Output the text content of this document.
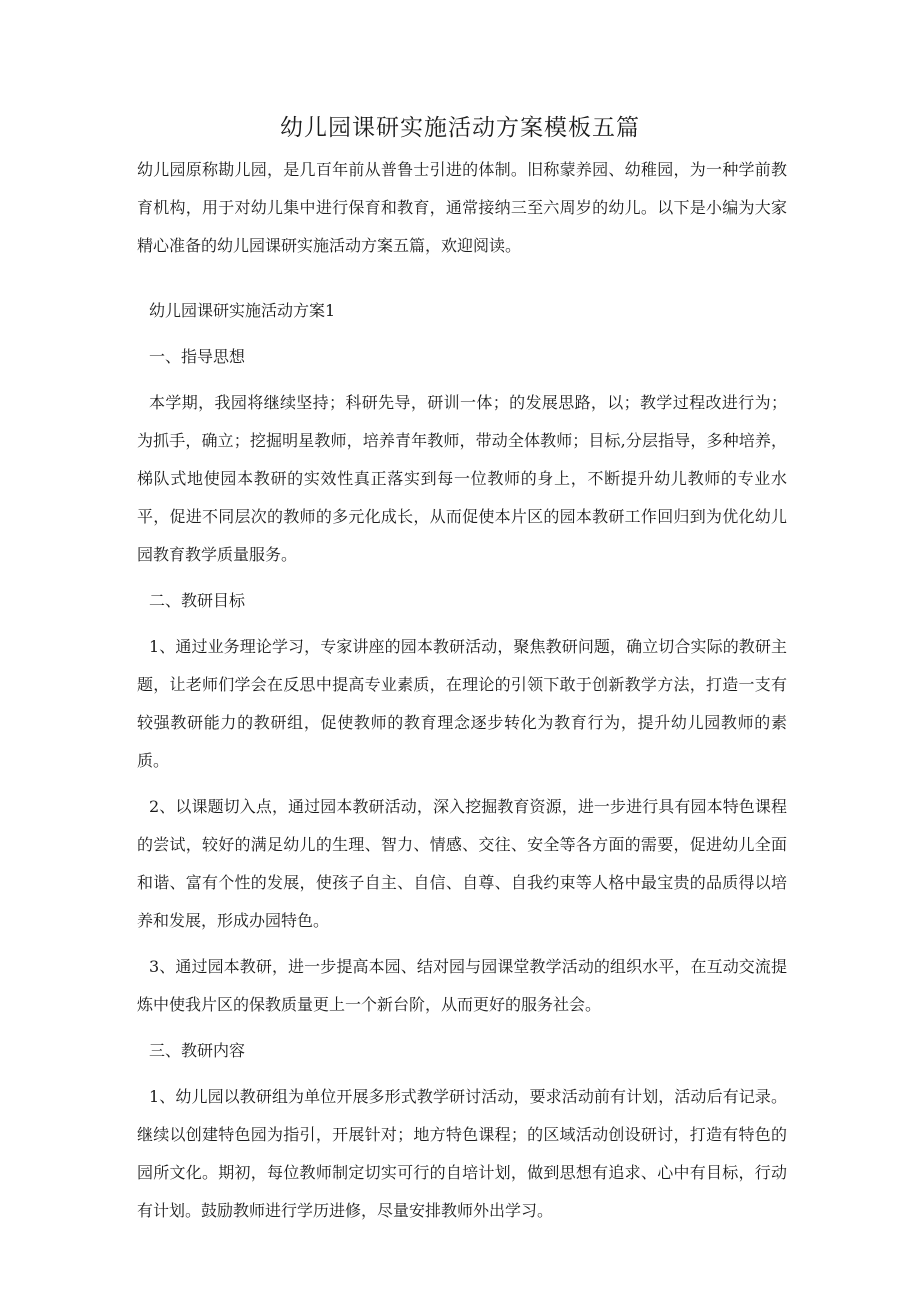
幼儿园课研实施活动方案模板五篇

幼儿园原称勘儿园，是几百年前从普鲁士引进的体制。旧称蒙养园、幼稚园，为一种学前教育机构，用于对幼儿集中进行保育和教育，通常接纳三至六周岁的幼儿。以下是小编为大家精心准备的幼儿园课研实施活动方案五篇，欢迎阅读。

幼儿园课研实施活动方案1

一、指导思想

本学期，我园将继续坚持；科研先导，研训一体；的发展思路，以；教学过程改进行为；为抓手，确立；挖掘明星教师，培养青年教师，带动全体教师；目标,分层指导，多种培养，梯队式地使园本教研的实效性真正落实到每一位教师的身上，不断提升幼儿教师的专业水平，促进不同层次的教师的多元化成长，从而促使本片区的园本教研工作回归到为优化幼儿园教育教学质量服务。

二、教研目标

1、通过业务理论学习，专家讲座的园本教研活动，聚焦教研问题，确立切合实际的教研主题，让老师们学会在反思中提高专业素质，在理论的引领下敢于创新教学方法，打造一支有较强教研能力的教研组，促使教师的教育理念逐步转化为教育行为，提升幼儿园教师的素质。

2、以课题切入点，通过园本教研活动，深入挖掘教育资源，进一步进行具有园本特色课程的尝试，较好的满足幼儿的生理、智力、情感、交往、安全等各方面的需要，促进幼儿全面和谐、富有个性的发展，使孩子自主、自信、自尊、自我约束等人格中最宝贵的品质得以培养和发展，形成办园特色。

3、通过园本教研，进一步提高本园、结对园与园课堂教学活动的组织水平，在互动交流提炼中使我片区的保教质量更上一个新台阶，从而更好的服务社会。

三、教研内容

1、幼儿园以教研组为单位开展多形式教学研讨活动，要求活动前有计划，活动后有记录。继续以创建特色园为指引，开展针对；地方特色课程；的区域活动创设研讨，打造有特色的园所文化。期初，每位教师制定切实可行的自培计划，做到思想有追求、心中有目标，行动有计划。鼓励教师进行学历进修，尽量安排教师外出学习。
